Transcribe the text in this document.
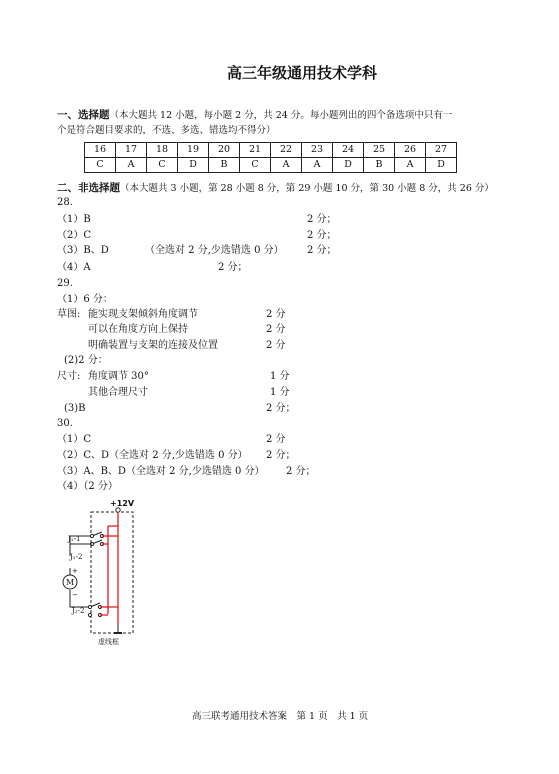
高三年级通用技术学科
一、选择题（本大题共 12 小题，每小题 2 分，共 24 分。每小题列出的四个备选项中只有一
个是符合题目要求的，不选、多选、错选均不得分）
16	17	18	19	20	21	22	23	24	25	26	27
C	A	C	D	B	C	A	A	D	B	A	D
二、非选择题（本大题共 3 小题，第 28 小题 8 分，第 29 小题 10 分，第 30 小题 8 分，共 26 分）
28.
（1）B	2 分；
（2）C	2 分；
（3）B、D	（全选对 2 分,少选错选 0 分） 2 分；
（4）A	2 分；
29.
（1）6 分：
草图: 能实现支架倾斜角度调节	2 分
可以在角度方向上保持	2 分
明确装置与支架的连接及位置	2 分
(2)2 分：
尺寸: 角度调节 30°	1 分
其他合理尺寸	1 分
(3)B	2 分；
30.
（1）C	2 分
（2）C、D（全选对 2 分,少选错选 0 分） 2 分；
（3）A、B、D（全选对 2 分,少选错选 0 分） 2 分；
（4）（2 分）
+12V
J₁-1
J₁-2
J₂-2
M
+
−
虚线框
高三联考通用技术答案　第 1 页　共 1 页
